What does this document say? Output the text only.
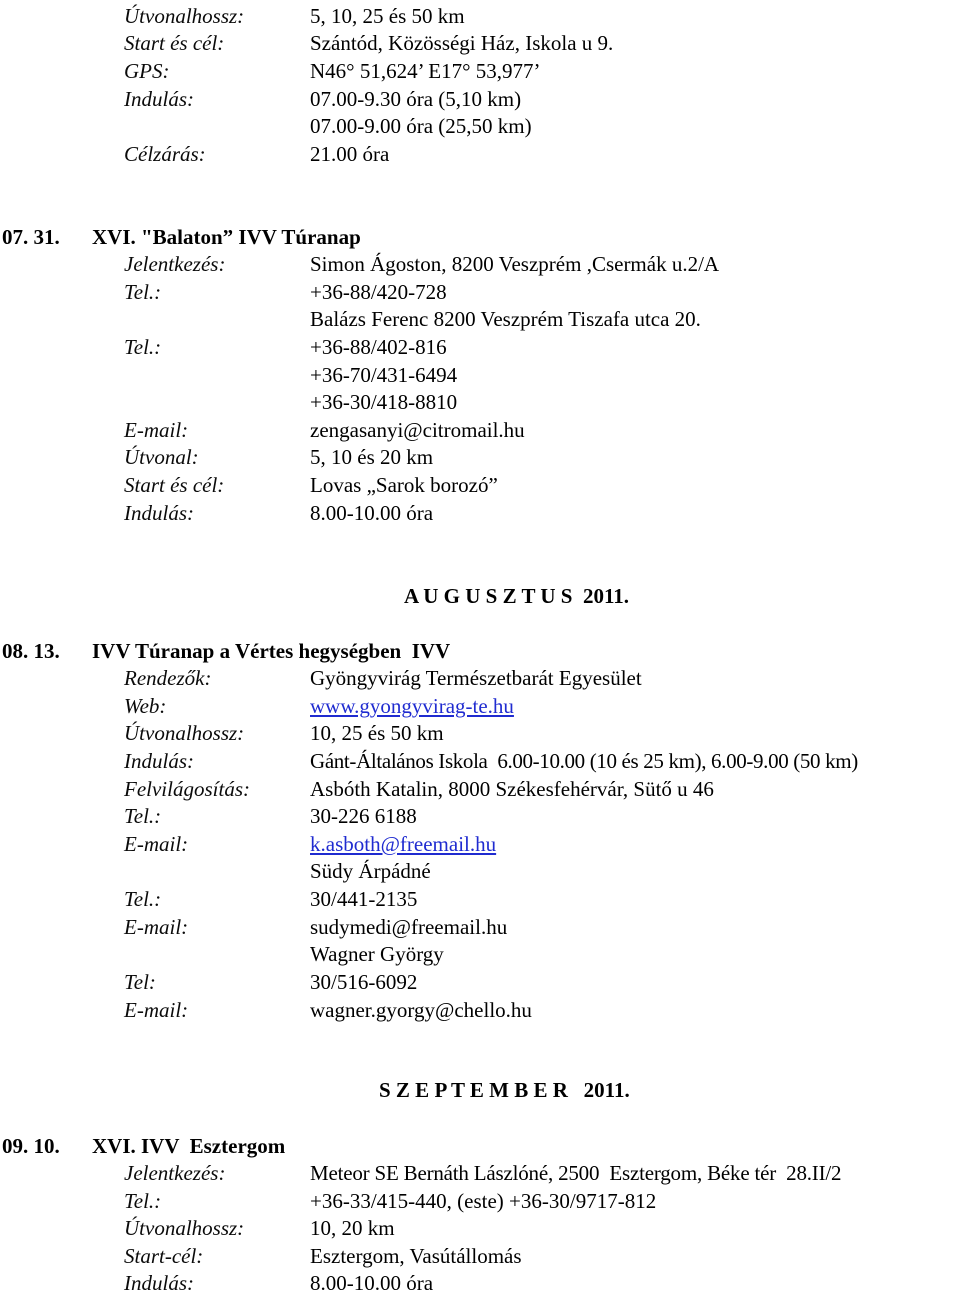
Útvonalhossz:	5, 10, 25 és 50 km
Start és cél:	Szántód, Közösségi Ház, Iskola u 9.
GPS:	N46° 51,624’ E17° 53,977’
Indulás:	07.00-9.30 óra (5,10 km)
07.00-9.00 óra (25,50 km)
Célzárás:	21.00 óra
07. 31. XVI. "Balaton” IVV Túranap
Jelentkezés:	Simon Ágoston, 8200 Veszprém ,Csermák u.2/A
Tel.:	+36-88/420-728
Balázs Ferenc 8200 Veszprém Tiszafa utca 20.
Tel.:	+36-88/402-816
+36-70/431-6494
+36-30/418-8810
E-mail:	zengasanyi@citromail.hu
Útvonal:	5, 10 és 20 km
Start és cél:	Lovas „Sarok borozó”
Indulás:	8.00-10.00 óra
A U G U S Z T U S  2011.
08. 13. IVV Túranap a Vértes hegységben  IVV
Rendezők:	Gyöngyvirág Természetbarát Egyesület
Web:	www.gyongyvirag-te.hu
Útvonalhossz:	10, 25 és 50 km
Indulás:	Gánt-Általános Iskola  6.00-10.00 (10 és 25 km), 6.00-9.00 (50 km)
Felvilágosítás:	Asbóth Katalin, 8000 Székesfehérvár, Sütő u 46
Tel.:	30-226 6188
E-mail:	k.asboth@freemail.hu
Südy Árpádné
Tel.:	30/441-2135
E-mail:	sudymedi@freemail.hu
Wagner György
Tel:	30/516-6092
E-mail:	wagner.gyorgy@chello.hu
S Z E P T E M B E R   2011.
09. 10. XVI. IVV  Esztergom
Jelentkezés:	Meteor SE Bernáth Lászlóné, 2500  Esztergom, Béke tér  28.II/2
Tel.:	+36-33/415-440, (este) +36-30/9717-812
Útvonalhossz:	10, 20 km
Start-cél:	Esztergom, Vasútállomás
Indulás:	8.00-10.00 óra
